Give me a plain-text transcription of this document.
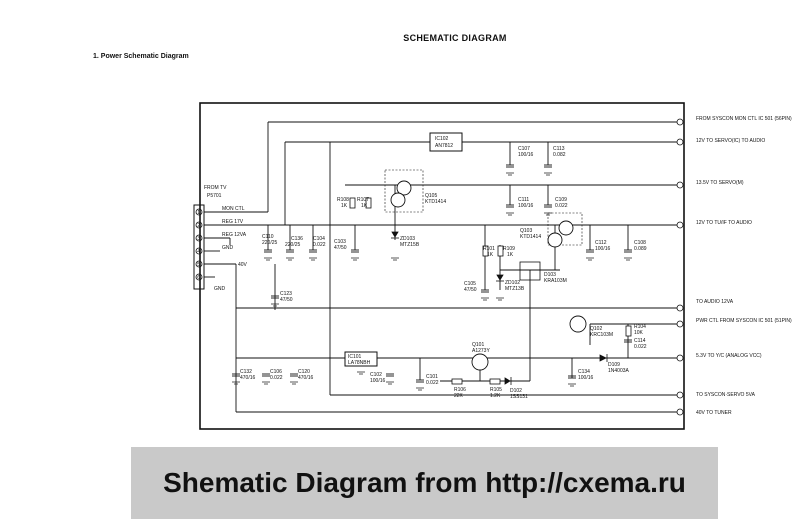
SCHEMATIC DIAGRAM
1. Power Schematic Diagram
1
2
3
4
5
6
FROM TV
P5701
MON CTL
REG 17V
REG 12VA
GND
40V
GND
FROM SYSCON MON CTL IC 501 (56PIN)
12V TO SERVO(IC) TO AUDIO
13.5V TO SERVO(M)
12V TO TU/IF TO AUDIO
TO AUDIO 12VA
PWR CTL FROM SYSCON IC 501 (51PIN)
5.3V TO Y/C (ANALOG VCC)
TO SYSCON·SERVO 5VA
40V TO TUNER
IC102
AN7812
IC101
LA78NBH
Q105
KTD1414
Q103
KTD1414
Q102
KRC103M
Q101
A1273Y
D103
KRA103M
ZD103
MTZ15B
ZD102
MTZ13B
D102
1SS131
D109
1N4003A
C107
100/16
C113
0.082
C111
100/16
C109
0.022
C112
100/16
C108
0.089
C110
220/25
C136
220/25
C104
0.022 C103
47/50
C105
47/50
C123
47/50
C132
470/16
C106
0.022
C120
470/16	C102
100/16
C101
0.022
C134
100/16
C114
0.022
R108
1K
R107
1K
R101
1K
R109
1K
R104
10K
R106
22K
R105
1.2K
Shematic Diagram from http://cxema.ru
